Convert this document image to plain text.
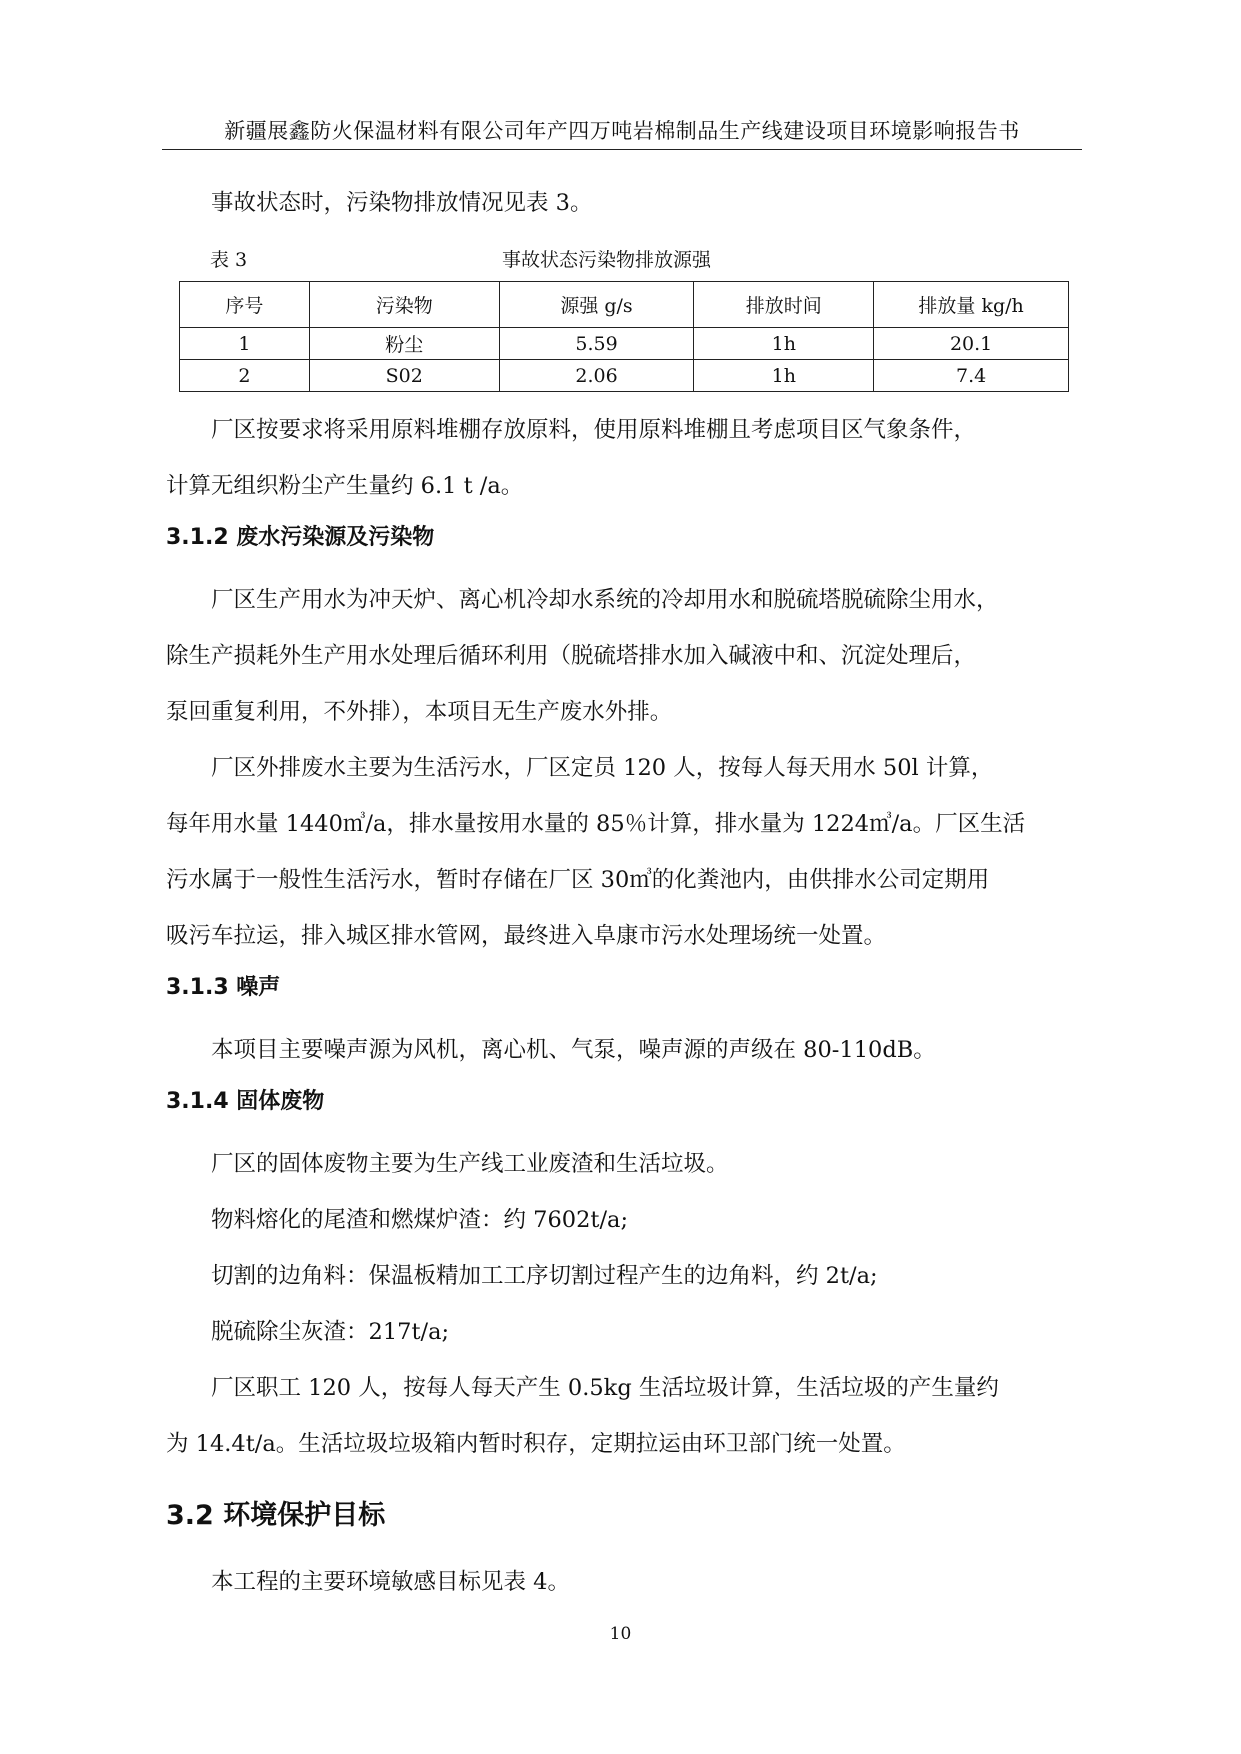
新疆展鑫防火保温材料有限公司年产四万吨岩棉制品生产线建设项目环境影响报告书

事故状态时，污染物排放情况见表 3。

表 3	事故状态污染物排放源强
序号	污染物	源强 g/s	排放时间	排放量 kg/h
1	粉尘	5.59	1h	20.1
2	S02	2.06	1h	7.4

厂区按要求将采用原料堆棚存放原料，使用原料堆棚且考虑项目区气象条件，

计算无组织粉尘产生量约 6.1 t /a。

3.1.2 废水污染源及污染物

厂区生产用水为冲天炉、离心机冷却水系统的冷却用水和脱硫塔脱硫除尘用水，

除生产损耗外生产用水处理后循环利用（脱硫塔排水加入碱液中和、沉淀处理后，

泵回重复利用，不外排），本项目无生产废水外排。

厂区外排废水主要为生活污水，厂区定员 120 人，按每人每天用水 50l 计算，

每年用水量 1440㎥/a，排水量按用水量的 85％计算，排水量为 1224㎥/a。厂区生活

污水属于一般性生活污水，暂时存储在厂区 30㎥的化粪池内，由供排水公司定期用

吸污车拉运，排入城区排水管网，最终进入阜康市污水处理场统一处置。

3.1.3 噪声

本项目主要噪声源为风机，离心机、气泵，噪声源的声级在 80-110dB。

3.1.4 固体废物

厂区的固体废物主要为生产线工业废渣和生活垃圾。

物料熔化的尾渣和燃煤炉渣：约 7602t/a;

切割的边角料：保温板精加工工序切割过程产生的边角料，约 2t/a;

脱硫除尘灰渣：217t/a;

厂区职工 120 人，按每人每天产生 0.5kg 生活垃圾计算，生活垃圾的产生量约

为 14.4t/a。生活垃圾垃圾箱内暂时积存，定期拉运由环卫部门统一处置。

3.2 环境保护目标

本工程的主要环境敏感目标见表 4。

10
